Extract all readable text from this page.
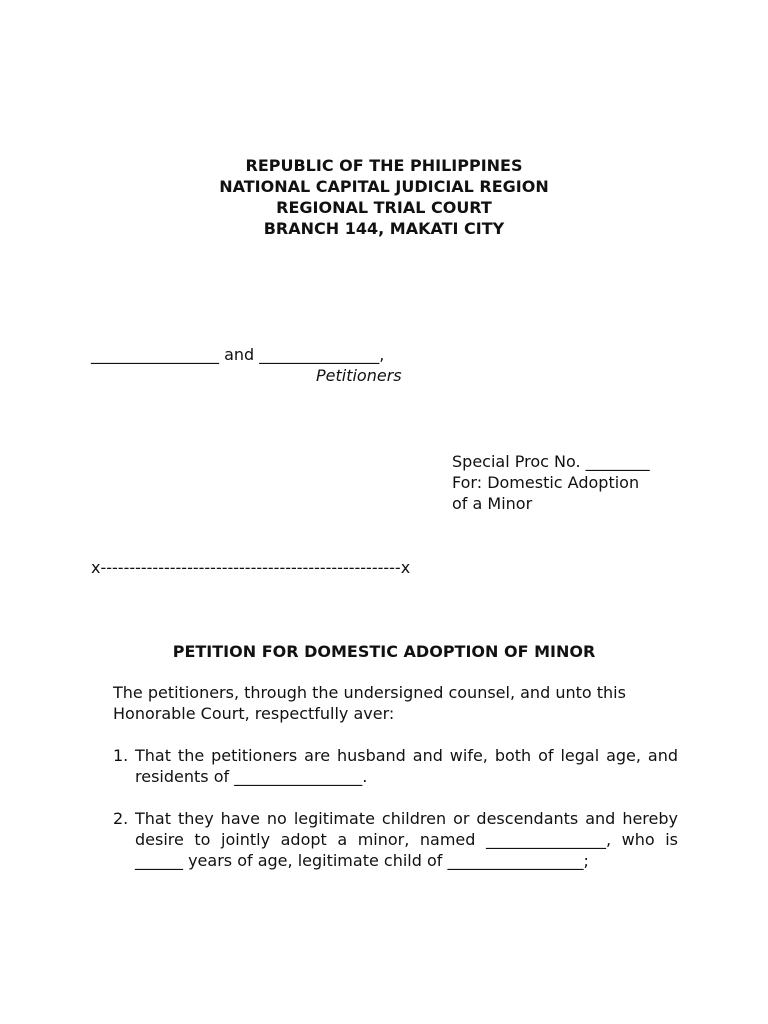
REPUBLIC OF THE PHILIPPINES
NATIONAL CAPITAL JUDICIAL REGION
REGIONAL TRIAL COURT
BRANCH 144, MAKATI CITY
________________ and _______________,
Petitioners
Special Proc No. ________
For: Domestic Adoption
of a Minor
x----------------------------------------------------x
PETITION FOR DOMESTIC ADOPTION OF MINOR
The petitioners, through the undersigned counsel, and unto this Honorable Court, respectfully aver:
1. That the petitioners are husband and wife, both of legal age, and residents of ________________.
2. That they have no legitimate children or descendants and hereby desire to jointly adopt a minor, named _______________, who is ______ years of age, legitimate child of _________________;
